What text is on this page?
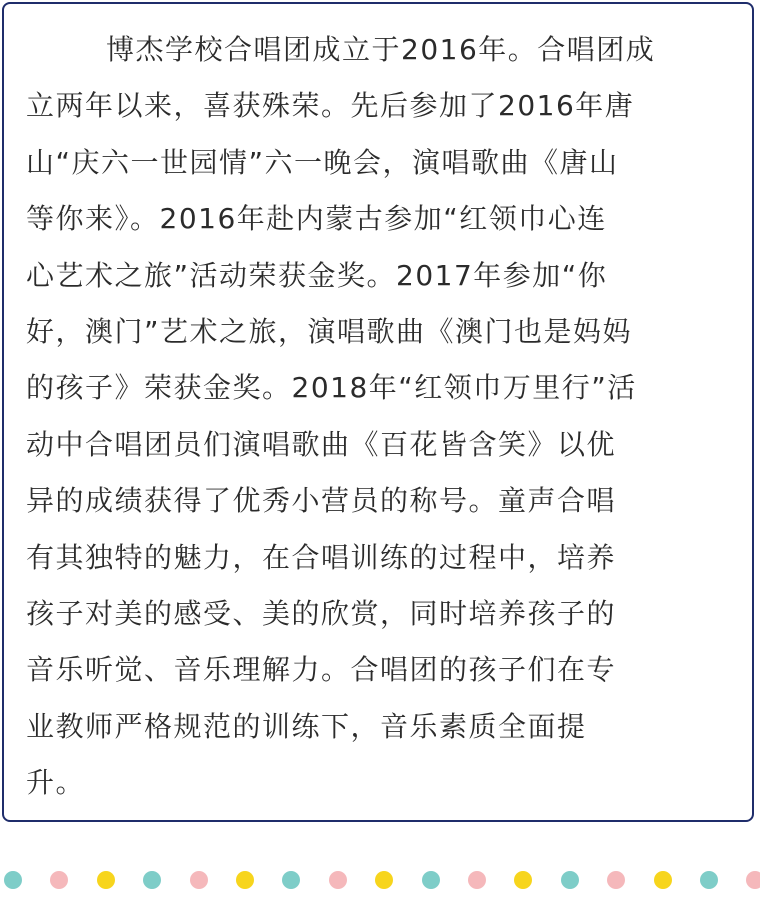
博杰学校合唱团成立于2016年。合唱团成
立两年以来，喜获殊荣。先后参加了2016年唐
山“庆六一世园情”六一晚会，演唱歌曲《唐山
等你来》。2016年赴内蒙古参加“红领巾心连
心艺术之旅”活动荣获金奖。2017年参加“你
好，澳门”艺术之旅，演唱歌曲《澳门也是妈妈
的孩子》荣获金奖。2018年“红领巾万里行”活
动中合唱团员们演唱歌曲《百花皆含笑》以优
异的成绩获得了优秀小营员的称号。童声合唱
有其独特的魅力，在合唱训练的过程中，培养
孩子对美的感受、美的欣赏，同时培养孩子的
音乐听觉、音乐理解力。合唱团的孩子们在专
业教师严格规范的训练下，音乐素质全面提
升。
